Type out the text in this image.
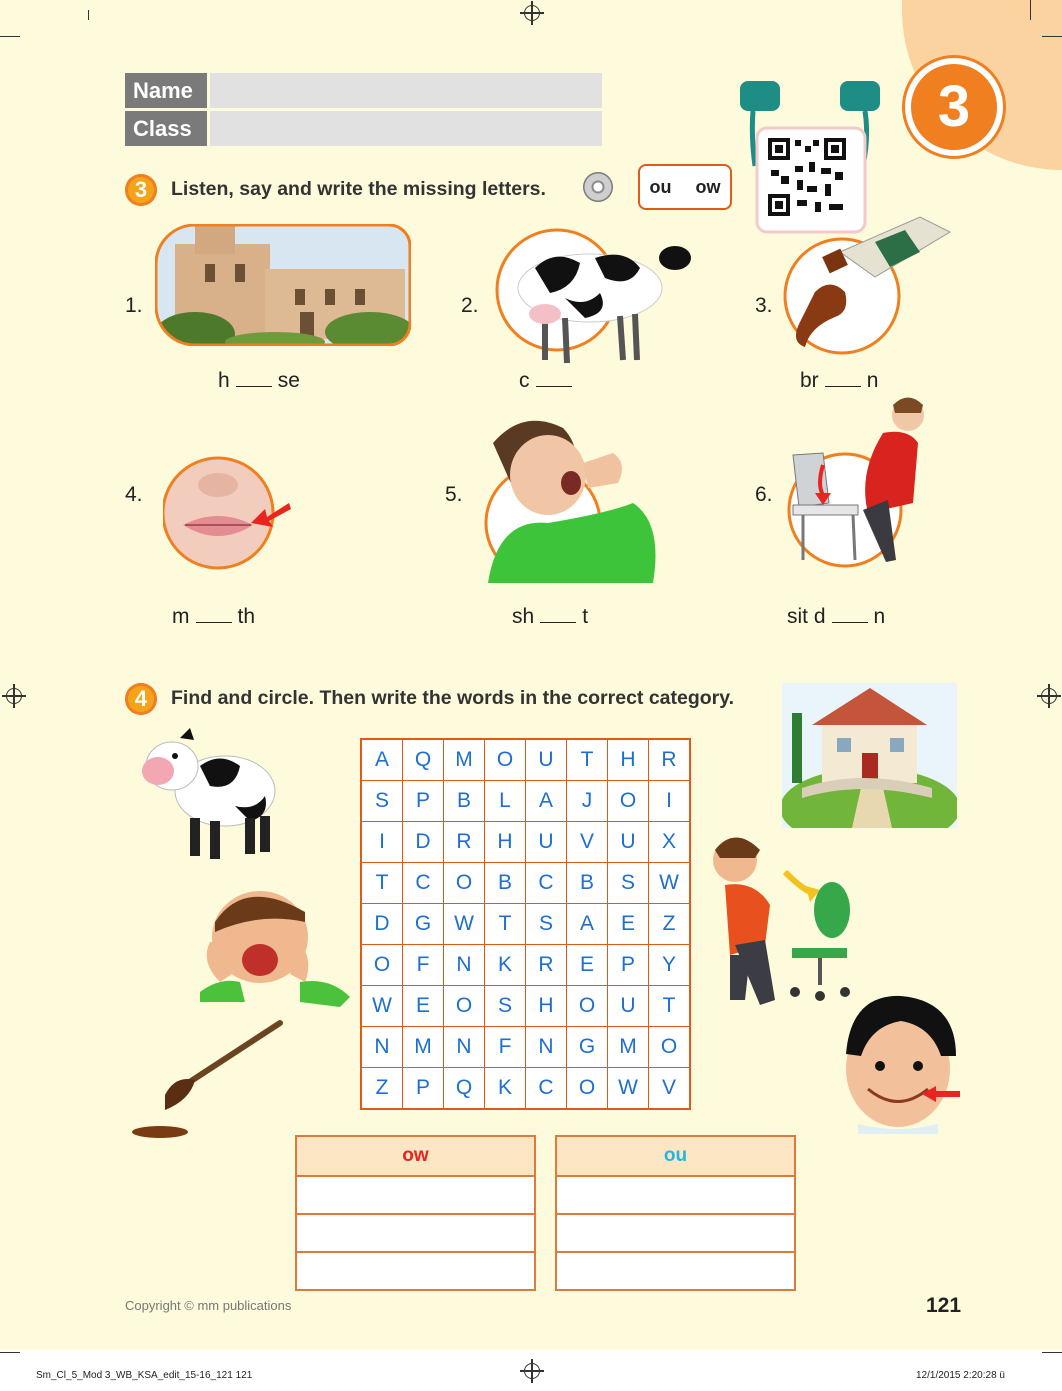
3
Name
Class
3	Listen, say and write the missing letters.	ou ow
1.
h se
2.
c
3.
br n
4.
m th
5.
sh t
6.
sit d n
4	Find and circle. Then write the words in the correct category.
A	Q	M	O	U	T	H	R
S	P	B	L	A	J	O	I
I	D	R	H	U	V	U	X
T	C	O	B	C	B	S	W
D	G	W	T	S	A	E	Z
O	F	N	K	R	E	P	Y
W	E	O	S	H	O	U	T
N	M	N	F	N	G	M	O
Z	P	Q	K	C	O	W	V
ow	ou

Copyright © mm publications	121
Sm_Cl_5_Mod 3_WB_KSA_edit_15-16_121 121	12/1/2015 2:20:28 ü
